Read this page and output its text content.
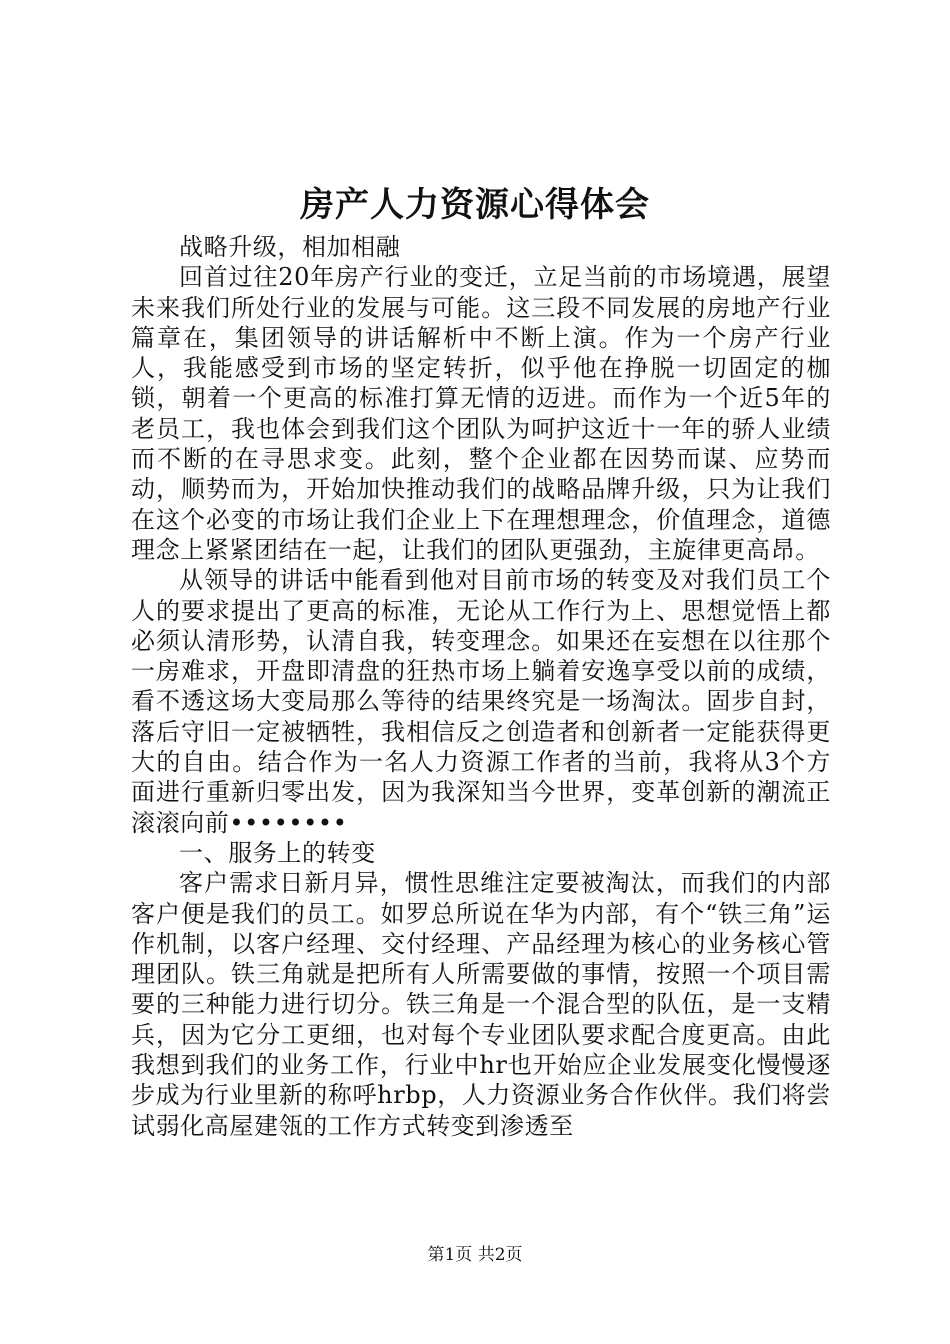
房产人力资源心得体会

战略升级，相加相融

回首过往20年房产行业的变迁，立足当前的市场境遇，展望未来我们所处行业的发展与可能。这三段不同发展的房地产行业篇章在，集团领导的讲话解析中不断上演。作为一个房产行业人，我能感受到市场的坚定转折，似乎他在挣脱一切固定的枷锁，朝着一个更高的标准打算无情的迈进。而作为一个近5年的老员工，我也体会到我们这个团队为呵护这近十一年的骄人业绩而不断的在寻思求变。此刻，整个企业都在因势而谋、应势而动，顺势而为，开始加快推动我们的战略品牌升级，只为让我们在这个必变的市场让我们企业上下在理想理念，价值理念，道德理念上紧紧团结在一起，让我们的团队更强劲，主旋律更高昂。

从领导的讲话中能看到他对目前市场的转变及对我们员工个人的要求提出了更高的标准，无论从工作行为上、思想觉悟上都必须认清形势，认清自我，转变理念。如果还在妄想在以往那个一房难求，开盘即清盘的狂热市场上躺着安逸享受以前的成绩，看不透这场大变局那么等待的结果终究是一场淘汰。固步自封，落后守旧一定被牺牲，我相信反之创造者和创新者一定能获得更大的自由。结合作为一名人力资源工作者的当前，我将从3个方面进行重新归零出发，因为我深知当今世界，变革创新的潮流正滚滚向前••••••••

一、服务上的转变

客户需求日新月异，惯性思维注定要被淘汰，而我们的内部客户便是我们的员工。如罗总所说在华为内部，有个“铁三角”运作机制，以客户经理、交付经理、产品经理为核心的业务核心管理团队。铁三角就是把所有人所需要做的事情，按照一个项目需要的三种能力进行切分。铁三角是一个混合型的队伍，是一支精兵，因为它分工更细，也对每个专业团队要求配合度更高。由此我想到我们的业务工作，行业中hr也开始应企业发展变化慢慢逐步成为行业里新的称呼hrbp，人力资源业务合作伙伴。我们将尝试弱化高屋建瓴的工作方式转变到渗透至

第1页 共2页
